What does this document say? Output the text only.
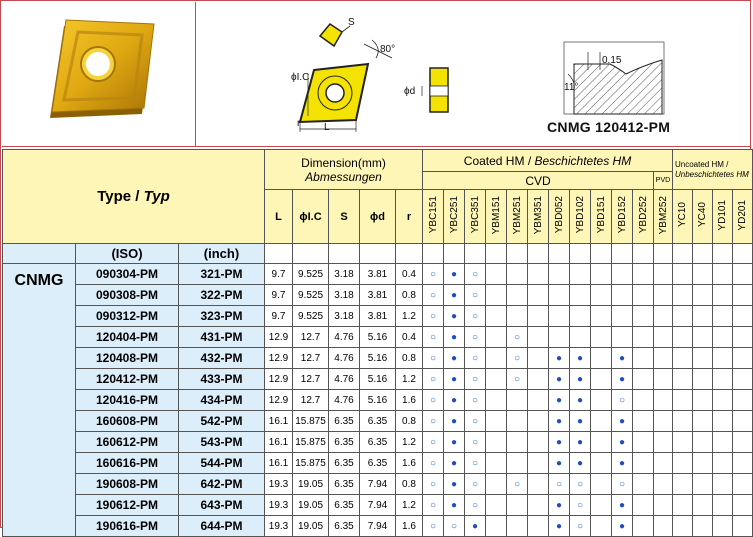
S
80°
ϕI.C
r L
ϕd
0.15
11°
CNMG 120412-PM
Type / Typ			Dimension(mm)
Abmessungen					Coated HM / Beschichtetes HM												Uncoated HM /
Unbeschichtetes HM			
								CVD											PVD				
			L	ϕI.C	S	ϕd	r	YBC151	YBC251	YBC351	YBM151	YBM251	YBM351	YBD052	YBD102	YBD151	YBD152	YBD252	YBM252	YC10	YC40	YD101	YD201
	(ISO)	(inch)																					
CNMG	090304-PM	321-PM	9.7	9.525	3.18	3.81	0.4	○	●	○													
	090308-PM	322-PM	9.7	9.525	3.18	3.81	0.8	○	●	○													
	090312-PM	323-PM	9.7	9.525	3.18	3.81	1.2	○	●	○													
	120404-PM	431-PM	12.9	12.7	4.76	5.16	0.4	○	●	○		○											
	120408-PM	432-PM	12.9	12.7	4.76	5.16	0.8	○	●	○		○		●	●		●						
	120412-PM	433-PM	12.9	12.7	4.76	5.16	1.2	○	●	○		○		●	●		●						
	120416-PM	434-PM	12.9	12.7	4.76	5.16	1.6	○	●	○				●	●		○						
	160608-PM	542-PM	16.1	15.875	6.35	6.35	0.8	○	●	○				●	●		●						
	160612-PM	543-PM	16.1	15.875	6.35	6.35	1.2	○	●	○				●	●		●						
	160616-PM	544-PM	16.1	15.875	6.35	6.35	1.6	○	●	○				●	●		●						
	190608-PM	642-PM	19.3	19.05	6.35	7.94	0.8	○	●	○		○		○	○		○						
	190612-PM	643-PM	19.3	19.05	6.35	7.94	1.2	○	●	○				●	○		●						
	190616-PM	644-PM	19.3	19.05	6.35	7.94	1.6	○	○	●				●	○		●						
